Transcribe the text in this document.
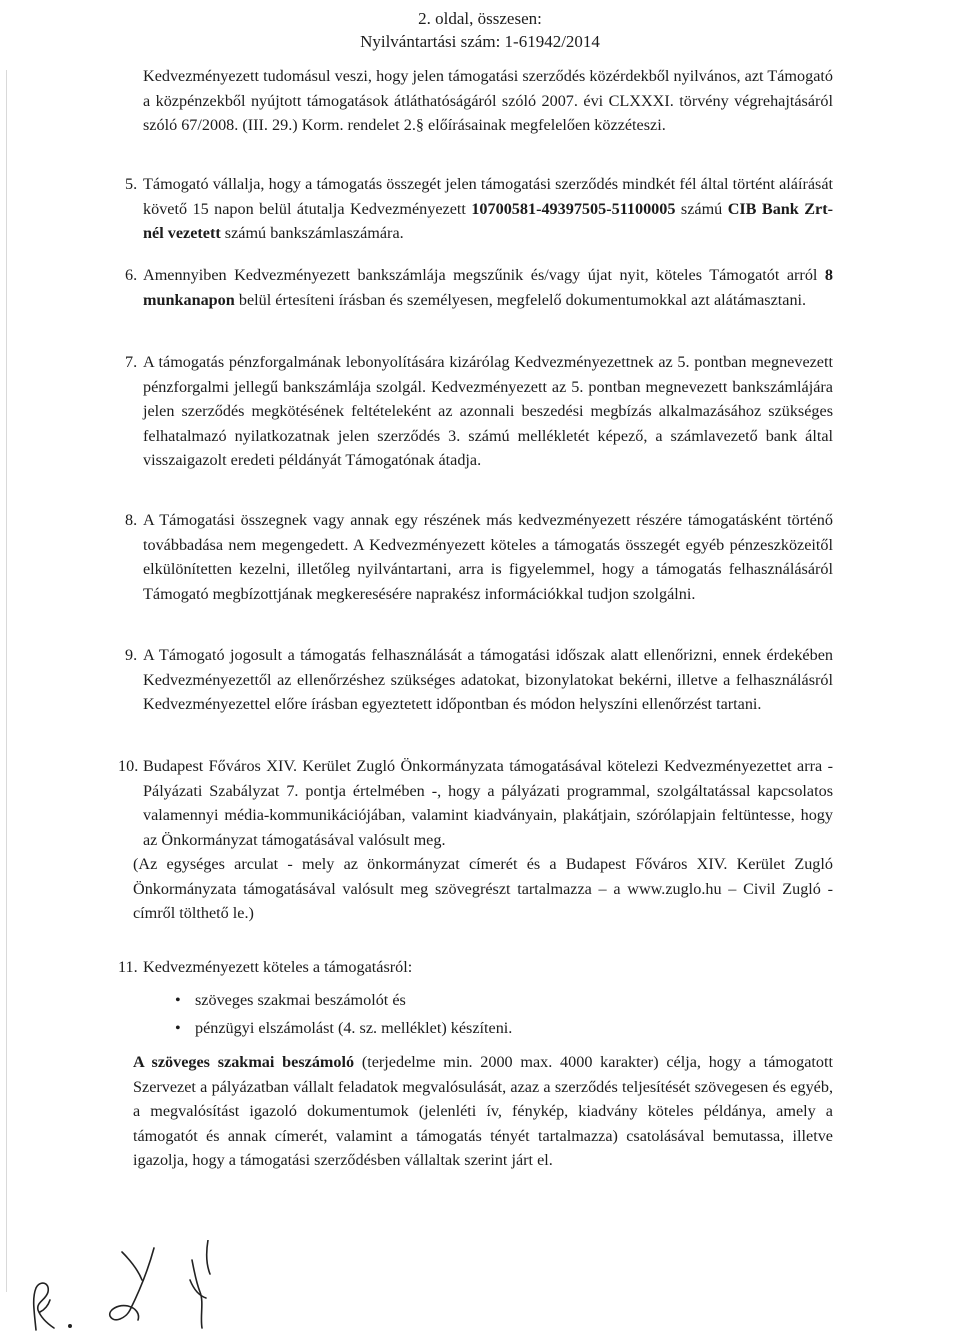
2. oldal, összesen:
Nyilvántartási szám: 1-61942/2014
Kedvezményezett tudomásul veszi, hogy jelen támogatási szerződés közérdekből nyilvános, azt Támogató a közpénzekből nyújtott támogatások átláthatóságáról szóló 2007. évi CLXXXI. törvény végrehajtásáról szóló 67/2008. (III. 29.) Korm. rendelet 2.§ előírásainak megfelelően közzéteszi.
5. Támogató vállalja, hogy a támogatás összegét jelen támogatási szerződés mindkét fél által történt aláírását követő 15 napon belül átutalja Kedvezményezett 10700581-49397505-51100005 számú CIB Bank Zrt-nél vezetett számú bankszámlaszámára.
6. Amennyiben Kedvezményezett bankszámlája megszűnik és/vagy újat nyit, köteles Támogatót arról 8 munkanapon belül értesíteni írásban és személyesen, megfelelő dokumentumokkal azt alátámasztani.
7. A támogatás pénzforgalmának lebonyolítására kizárólag Kedvezményezettnek az 5. pontban megnevezett pénzforgalmi jellegű bankszámlája szolgál. Kedvezményezett az 5. pontban megnevezett bankszámlájára jelen szerződés megkötésének feltételeként az azonnali beszedési megbízás alkalmazásához szükséges felhatalmazó nyilatkozatnak jelen szerződés 3. számú mellékletét képező, a számlavezető bank által visszaigazolt eredeti példányát Támogatónak átadja.
8. A Támogatási összegnek vagy annak egy részének más kedvezményezett részére támogatásként történő továbbadása nem megengedett. A Kedvezményezett köteles a támogatás összegét egyéb pénzeszközeitől elkülönítetten kezelni, illetőleg nyilvántartani, arra is figyelemmel, hogy a támogatás felhasználásáról Támogató megbízottjának megkeresésére naprakész információkkal tudjon szolgálni.
9. A Támogató jogosult a támogatás felhasználását a támogatási időszak alatt ellenőrizni, ennek érdekében Kedvezményezettől az ellenőrzéshez szükséges adatokat, bizonylatokat bekérni, illetve a felhasználásról Kedvezményezettel előre írásban egyeztetett időpontban és módon helyszíni ellenőrzést tartani.
10. Budapest Főváros XIV. Kerület Zugló Önkormányzata támogatásával kötelezi Kedvezményezettet arra - Pályázati Szabályzat 7. pontja értelmében -, hogy a pályázati programmal, szolgáltatással kapcsolatos valamennyi média-kommunikációjában, valamint kiadványain, plakátjain, szórólapjain feltüntesse, hogy az Önkormányzat támogatásával valósult meg.
(Az egységes arculat - mely az önkormányzat címerét és a Budapest Főváros XIV. Kerület Zugló Önkormányzata támogatásával valósult meg szövegrészt tartalmazza – a www.zuglo.hu – Civil Zugló - címről tölthető le.)
11. Kedvezményezett köteles a támogatásról:
• szöveges szakmai beszámolót és
• pénzügyi elszámolást (4. sz. melléklet) készíteni.
A szöveges szakmai beszámoló (terjedelme min. 2000 max. 4000 karakter) célja, hogy a támogatott Szervezet a pályázatban vállalt feladatok megvalósulását, azaz a szerződés teljesítését szövegesen és egyéb, a megvalósítást igazoló dokumentumok (jelenléti ív, fénykép, kiadvány köteles példánya, amely a támogatót és annak címerét, valamint a támogatás tényét tartalmazza) csatolásával bemutassa, illetve igazolja, hogy a támogatási szerződésben vállaltak szerint járt el.
